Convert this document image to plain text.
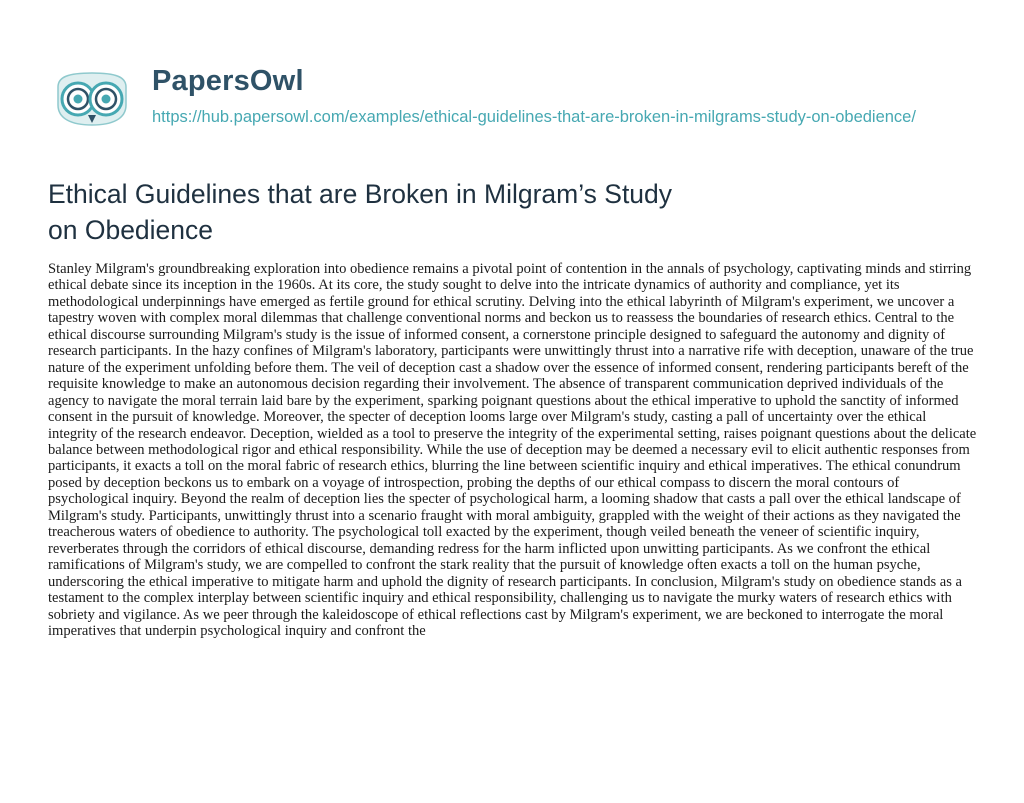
PapersOwl
https://hub.papersowl.com/examples/ethical-guidelines-that-are-broken-in-milgrams-study-on-obedience/
Ethical Guidelines that are Broken in Milgram’s Study on Obedience

Stanley Milgram's groundbreaking exploration into obedience remains a pivotal point of contention in the annals of psychology, captivating minds and stirring ethical debate since its inception in the 1960s. At its core, the study sought to delve into the intricate dynamics of authority and compliance, yet its methodological underpinnings have emerged as fertile ground for ethical scrutiny. Delving into the ethical labyrinth of Milgram's experiment, we uncover a tapestry woven with complex moral dilemmas that challenge conventional norms and beckon us to reassess the boundaries of research ethics. Central to the ethical discourse surrounding Milgram's study is the issue of informed consent, a cornerstone principle designed to safeguard the autonomy and dignity of research participants. In the hazy confines of Milgram's laboratory, participants were unwittingly thrust into a narrative rife with deception, unaware of the true nature of the experiment unfolding before them. The veil of deception cast a shadow over the essence of informed consent, rendering participants bereft of the requisite knowledge to make an autonomous decision regarding their involvement. The absence of transparent communication deprived individuals of the agency to navigate the moral terrain laid bare by the experiment, sparking poignant questions about the ethical imperative to uphold the sanctity of informed consent in the pursuit of knowledge. Moreover, the specter of deception looms large over Milgram's study, casting a pall of uncertainty over the ethical integrity of the research endeavor. Deception, wielded as a tool to preserve the integrity of the experimental setting, raises poignant questions about the delicate balance between methodological rigor and ethical responsibility. While the use of deception may be deemed a necessary evil to elicit authentic responses from participants, it exacts a toll on the moral fabric of research ethics, blurring the line between scientific inquiry and ethical imperatives. The ethical conundrum posed by deception beckons us to embark on a voyage of introspection, probing the depths of our ethical compass to discern the moral contours of psychological inquiry. Beyond the realm of deception lies the specter of psychological harm, a looming shadow that casts a pall over the ethical landscape of Milgram's study. Participants, unwittingly thrust into a scenario fraught with moral ambiguity, grappled with the weight of their actions as they navigated the treacherous waters of obedience to authority. The psychological toll exacted by the experiment, though veiled beneath the veneer of scientific inquiry, reverberates through the corridors of ethical discourse, demanding redress for the harm inflicted upon unwitting participants. As we confront the ethical ramifications of Milgram's study, we are compelled to confront the stark reality that the pursuit of knowledge often exacts a toll on the human psyche, underscoring the ethical imperative to mitigate harm and uphold the dignity of research participants. In conclusion, Milgram's study on obedience stands as a testament to the complex interplay between scientific inquiry and ethical responsibility, challenging us to navigate the murky waters of research ethics with sobriety and vigilance. As we peer through the kaleidoscope of ethical reflections cast by Milgram's experiment, we are beckoned to interrogate the moral imperatives that underpin psychological inquiry and confront the
